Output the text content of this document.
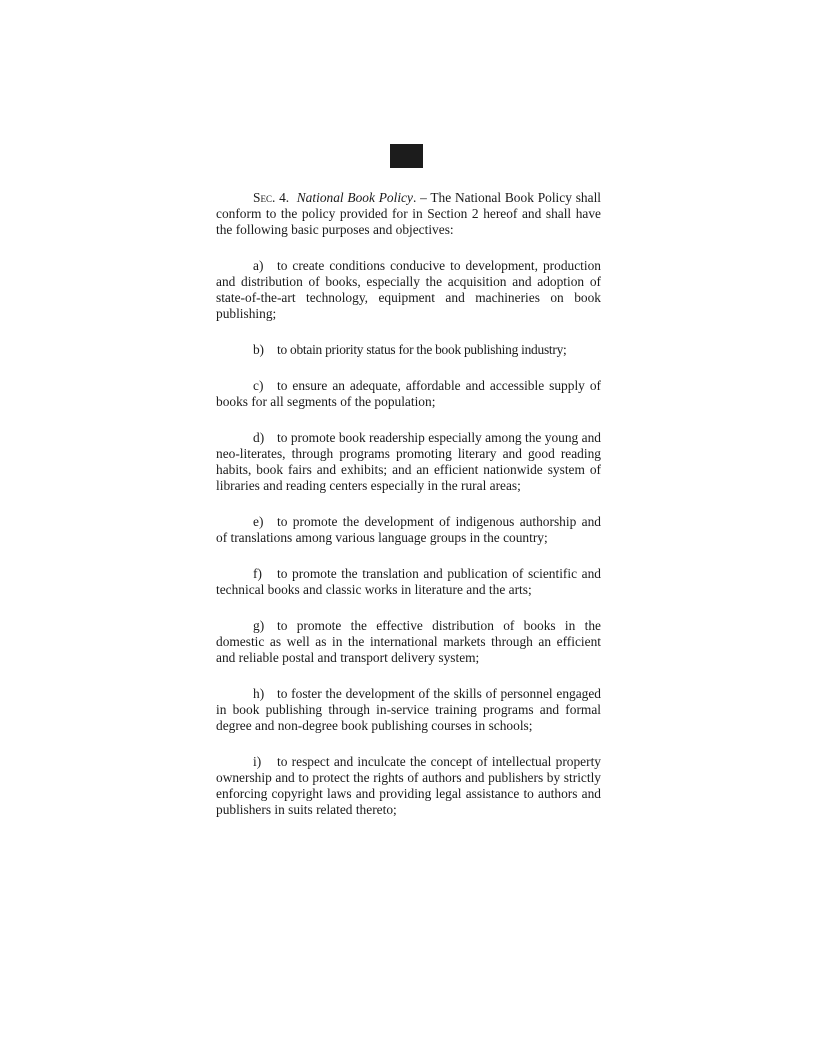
Sec. 4. National Book Policy. – The National Book Policy shall conform to the policy provided for in Section 2 hereof and shall have the following basic purposes and objectives:

a) to create conditions conducive to development, production and distribution of books, especially the acquisition and adoption of state-of-the-art technology, equipment and machineries on book publishing;

b) to obtain priority status for the book publishing industry;

c) to ensure an adequate, affordable and accessible supply of books for all segments of the population;

d) to promote book readership especially among the young and neo-literates, through programs promoting literary and good reading habits, book fairs and exhibits; and an efficient nationwide system of libraries and reading centers especially in the rural areas;

e) to promote the development of indigenous authorship and of translations among various language groups in the country;

f) to promote the translation and publication of scientific and technical books and classic works in literature and the arts;

g) to promote the effective distribution of books in the domestic as well as in the international markets through an efficient and reliable postal and transport delivery system;

h) to foster the development of the skills of personnel engaged in book publishing through in-service training programs and formal degree and non-degree book publishing courses in schools;

i) to respect and inculcate the concept of intellectual property ownership and to protect the rights of authors and publishers by strictly enforcing copyright laws and providing legal assistance to authors and publishers in suits related thereto;
